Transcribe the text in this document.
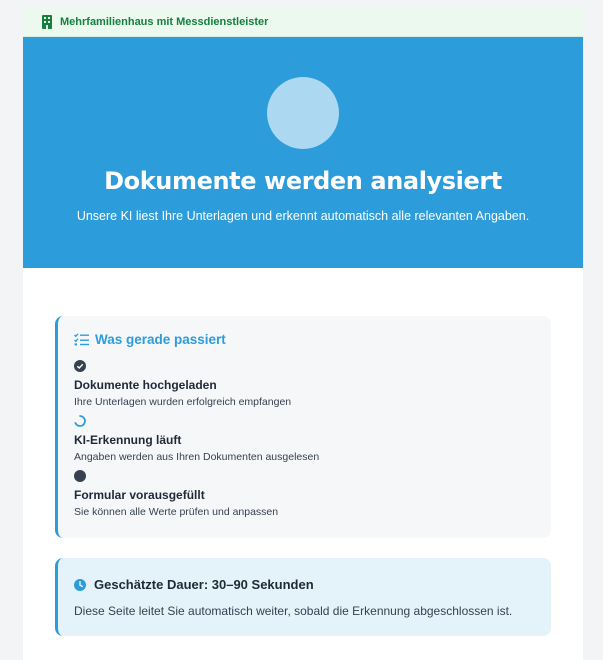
Mehrfamilienhaus mit Messdienstleister
Dokumente werden analysiert
Unsere KI liest Ihre Unterlagen und erkennt automatisch alle relevanten Angaben.
Was gerade passiert
Dokumente hochgeladen
Ihre Unterlagen wurden erfolgreich empfangen
KI-Erkennung läuft
Angaben werden aus Ihren Dokumenten ausgelesen
Formular vorausgefüllt
Sie können alle Werte prüfen und anpassen
Geschätzte Dauer: 30–90 Sekunden
Diese Seite leitet Sie automatisch weiter, sobald die Erkennung abgeschlossen ist.
